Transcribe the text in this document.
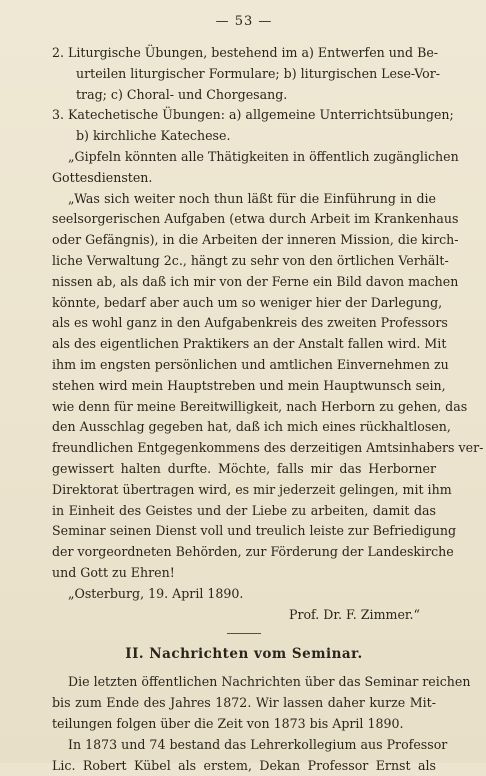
— 53 —
2. Liturgische Übungen, bestehend im a) Entwerfen und Be-
urteilen liturgischer Formulare; b) liturgischen Lese-Vor-
trag; c) Choral- und Chorgesang.
3. Katechetische Übungen: a) allgemeine Unterrichtsübungen;
b) kirchliche Katechese.
„Gipfeln könnten alle Thätigkeiten in öffentlich zugänglichen
Gottesdiensten.
„Was sich weiter noch thun läßt für die Einführung in die
seelsorgerischen Aufgaben (etwa durch Arbeit im Krankenhaus
oder Gefängnis), in die Arbeiten der inneren Mission, die kirch-
liche Verwaltung 2c., hängt zu sehr von den örtlichen Verhält-
nissen ab, als daß ich mir von der Ferne ein Bild davon machen
könnte, bedarf aber auch um so weniger hier der Darlegung,
als es wohl ganz in den Aufgabenkreis des zweiten Professors
als des eigentlichen Praktikers an der Anstalt fallen wird. Mit
ihm im engsten persönlichen und amtlichen Einvernehmen zu
stehen wird mein Hauptstreben und mein Hauptwunsch sein,
wie denn für meine Bereitwilligkeit, nach Herborn zu gehen, das
den Ausschlag gegeben hat, daß ich mich eines rückhaltlosen,
freundlichen Entgegenkommens des derzeitigen Amtsinhabers ver-
gewissert halten durfte. Möchte, falls mir das Herborner
Direktorat übertragen wird, es mir jederzeit gelingen, mit ihm
in Einheit des Geistes und der Liebe zu arbeiten, damit das
Seminar seinen Dienst voll und treulich leiste zur Befriedigung
der vorgeordneten Behörden, zur Förderung der Landeskirche
und Gott zu Ehren!
„Osterburg, 19. April 1890.
Prof. Dr. F. Zimmer.“
II. Nachrichten vom Seminar.
Die letzten öffentlichen Nachrichten über das Seminar reichen
bis zum Ende des Jahres 1872. Wir lassen daher kurze Mit-
teilungen folgen über die Zeit von 1873 bis April 1890.
In 1873 und 74 bestand das Lehrerkollegium aus Professor
Lic. Robert Kübel als erstem, Dekan Professor Ernst als
